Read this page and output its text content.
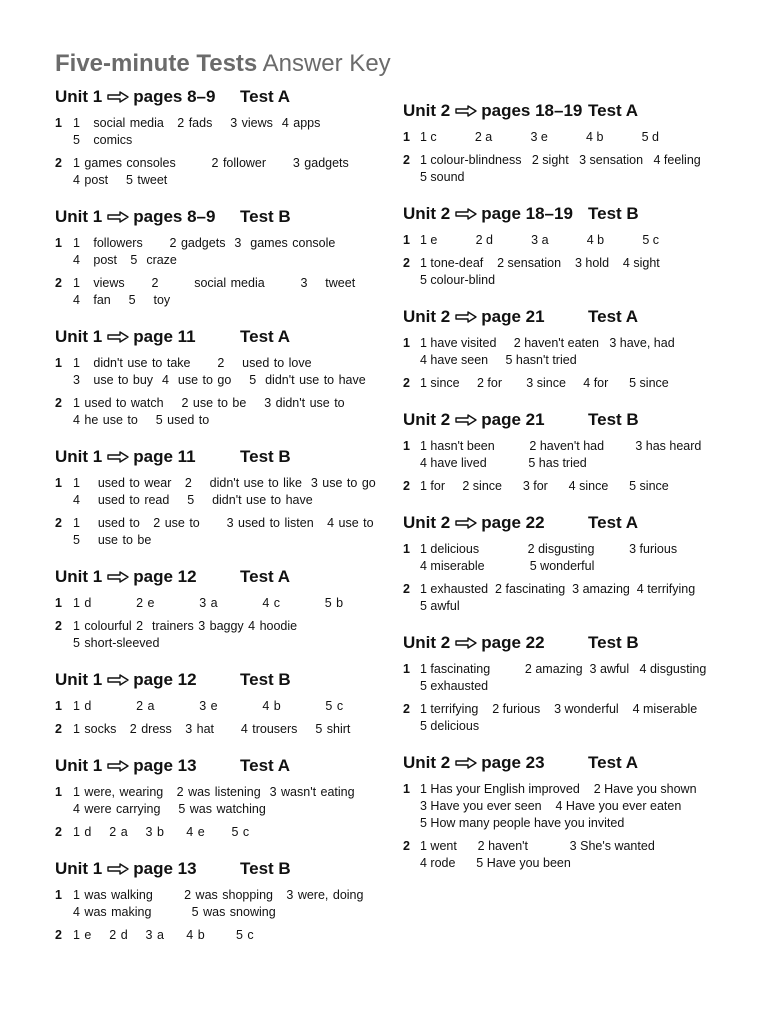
Five-minute Tests Answer Key
Unit 1 pages 8–9 Test A
1 1   social media   2 fads    3 views  4 apps
5   comics
2 1 games consoles        2 follower      3 gadgets
4 post    5 tweet
Unit 1 pages 8–9 Test B
1 1   followers      2 gadgets  3  games console
4   post   5  craze
2 1   views      2        social media        3    tweet
4   fan    5    toy
Unit 1 page 11	Test A
1 1   didn't use to take      2    used to love
3   use to buy  4  use to go    5  didn't use to have
2 1 used to watch    2 use to be    3 didn't use to
4 he use to    5 used to
Unit 1 page 11	Test B
1 1    used to wear   2    didn't use to like  3 use to go
4    used to read    5    didn't use to have
2 1    used to   2 use to      3 used to listen   4 use to
5    use to be
Unit 1 page 12	Test A
1 1 d          2 e          3 a          4 c          5 b
2 1 colourful 2  trainers 3 baggy 4 hoodie
5 short-sleeved
Unit 1 page 12	Test B
1 1 d          2 a          3 e          4 b          5 c
2 1 socks   2 dress   3 hat      4 trousers    5 shirt
Unit 1 page 13	Test A
1 1 were, wearing   2 was listening  3 wasn't eating
4 were carrying    5 was watching
2 1 d    2 a    3 b     4 e      5 c
Unit 1 page 13	Test B
1 1 was walking       2 was shopping   3 were, doing
4 was making         5 was snowing
2 1 e    2 d    3 a     4 b       5 c
Unit 2 pages 18–19 Test A
1 1 c           2 a           3 e           4 b           5 d
2 1 colour-blindness   2 sight   3 sensation   4 feeling
5 sound
Unit 2 page 18–19 Test B
1 1 e           2 d           3 a           4 b           5 c
2 1 tone-deaf    2 sensation    3 hold    4 sight
5 colour-blind
Unit 2 page 21	Test A
1 1 have visited     2 haven't eaten   3 have, had
4 have seen     5 hasn't tried
2 1 since     2 for       3 since     4 for      5 since
Unit 2 page 21	Test B
1 1 hasn't been          2 haven't had         3 has heard
4 have lived            5 has tried
2 1 for     2 since      3 for      4 since      5 since
Unit 2 page 22	Test A
1 1 delicious              2 disgusting          3 furious
4 miserable             5 wonderful
2 1 exhausted  2 fascinating  3 amazing  4 terrifying
5 awful
Unit 2 page 22	Test B
1 1 fascinating          2 amazing  3 awful   4 disgusting
5 exhausted
2 1 terrifying    2 furious    3 wonderful    4 miserable
5 delicious
Unit 2 page 23	Test A
1 1 Has your English improved    2 Have you shown
3 Have you ever seen    4 Have you ever eaten
5 How many people have you invited
2 1 went      2 haven't            3 She's wanted
4 rode      5 Have you been
